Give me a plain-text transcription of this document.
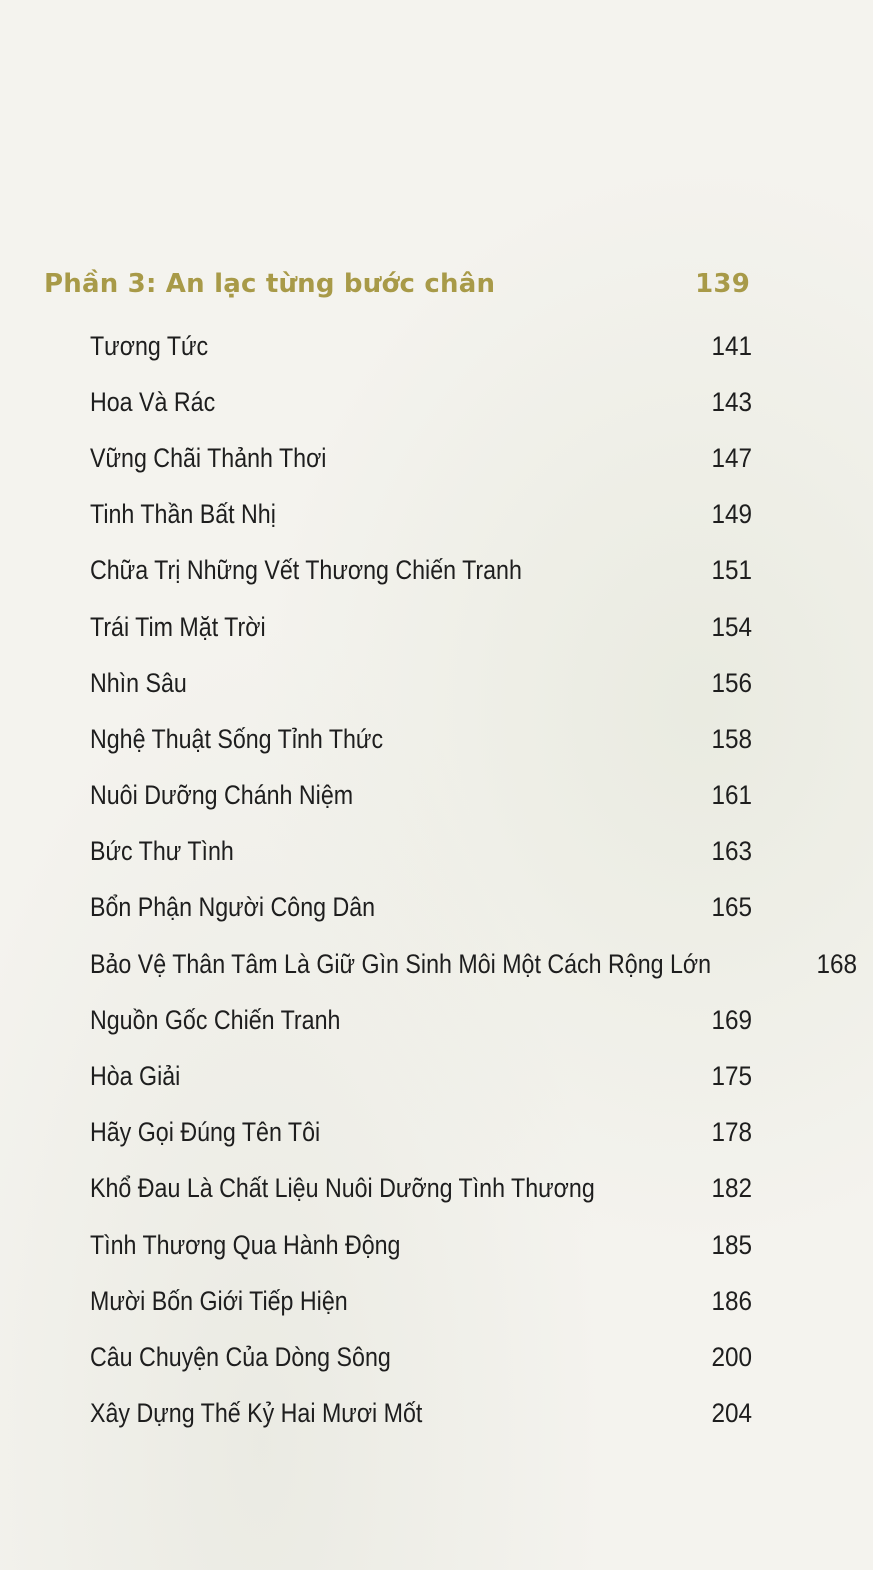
Phần 3: An lạc từng bước chân	139
Tương Tức	141
Hoa Và Rác	143
Vững Chãi Thảnh Thơi	147
Tinh Thần Bất Nhị	149
Chữa Trị Những Vết Thương Chiến Tranh	151
Trái Tim Mặt Trời	154
Nhìn Sâu	156
Nghệ Thuật Sống Tỉnh Thức	158
Nuôi Dưỡng Chánh Niệm	161
Bức Thư Tình	163
Bổn Phận Người Công Dân	165
Bảo Vệ Thân Tâm Là Giữ Gìn Sinh Môi Một Cách Rộng Lớn	168
Nguồn Gốc Chiến Tranh	169
Hòa Giải	175
Hãy Gọi Đúng Tên Tôi	178
Khổ Đau Là Chất Liệu Nuôi Dưỡng Tình Thương	182
Tình Thương Qua Hành Động	185
Mười Bốn Giới Tiếp Hiện	186
Câu Chuyện Của Dòng Sông	200
Xây Dựng Thế Kỷ Hai Mươi Mốt	204
